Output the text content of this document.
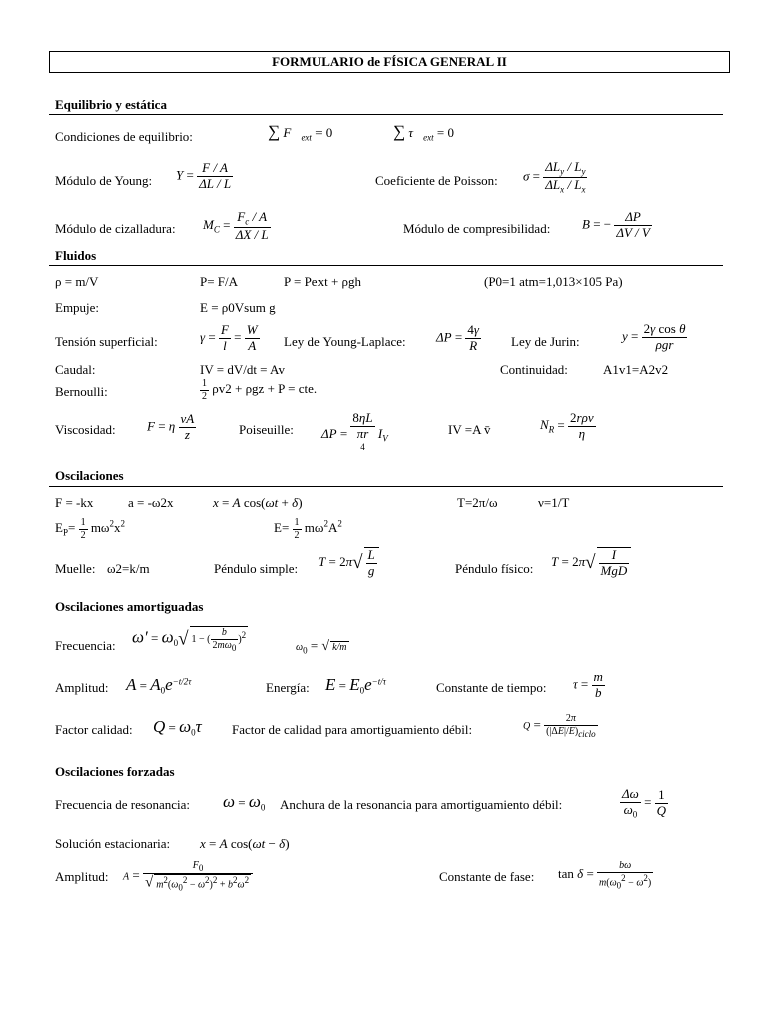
FORMULARIO de FÍSICA GENERAL II
Equilibrio y estática
Condiciones de equilibrio:	∑ $F⃗_{ext} = 0$	∑ $\tau⃗_{ext} = 0$
Módulo de Young: $Y = \frac{F / A}{\Delta L / L}$	Coeficiente de Poisson: $\sigma = \frac{\Delta L_y / L_y}{\Delta L_x / L_x}$
Módulo de cizalladura: $M_C = \frac{F_c / A}{\Delta X / L}$	Módulo de compresibilidad: B = − $\frac{\Delta P}{\Delta V / V}$
Fluidos
ρ = m/V	P= F/A	P = Pext + ρgh	(P0=1 atm=1,013×105 Pa)
Empuje:	E = ρ0Vsum g
Tensión superficial:	$\gamma = \frac{F}{l} = \frac{W}{A}$ Ley de Young-Laplace: $\Delta P = \frac{4\gamma}{R}$ Ley de Jurin:	$y = \frac{\text{2γ cos θ}}{\text{ρgr}}$
Caudal:	IV = dV/dt = Av	Continuidad:	A1v1=A2v2
Bernoulli:	$\frac{1}{2} \rho v2 + \rho gz + P$ = cte.
Viscosidad: F = η $\frac{vA}{z}$	Poiseuille: ΔP =
8ηL
πr
$^4$ $I_V$
IV =A v̄	$N_R = \frac{\text{2rρv}}{\eta}$
Oscilaciones
F = -kx	a = -ω2x	x = A cos(ωt + δ)	T=2π/ω	ν=1/T
$E_P= \frac{1}{2} m\omega^2x^2$	$E= \frac{1}{2} m\omega^2A^2$
Muelle: ω2=k/m	Péndulo simple: $T = 2\pi√ \frac{L}{g}$	Péndulo físico: $T = 2\pi√ \frac{I}{\text{MgD}}$
Oscilaciones amortiguadas
Frecuencia: $\omega' = \omega_0√$ 1 − ( $\frac{b}{2m\omega_0} )^2$
$\omega_0$ = √ k/m
Amplitud: $A = A_0e^{-t/2\tau}$	Energía: $E = E_0e^{-t/\tau}$	Constante de tiempo: $\tau = \frac{m}{b}$
Factor calidad: $Q = \omega_0\tau$ Factor de calidad para amortiguamiento débil:	$Q = \frac{2\pi}{(|\Delta E|/E)_{ciclo}}$
Oscilaciones forzadas
Frecuencia de resonancia: $\omega = \omega_0$ Anchura de la resonancia para amortiguamiento débil:	$\frac{\Delta\omega}{\omega_0} = \frac{1}{Q}$
Solución estacionaria: x = A cos(ωt − δ)
Amplitud: $A = \frac{F_0}{√ m^2(\omega_0^2 - \omega^2)^2 + b^2\omega^2}$	Constante de fase: $\tan \delta = \frac{b\omega}{m(\omega_0^2 - \omega^2)}$
